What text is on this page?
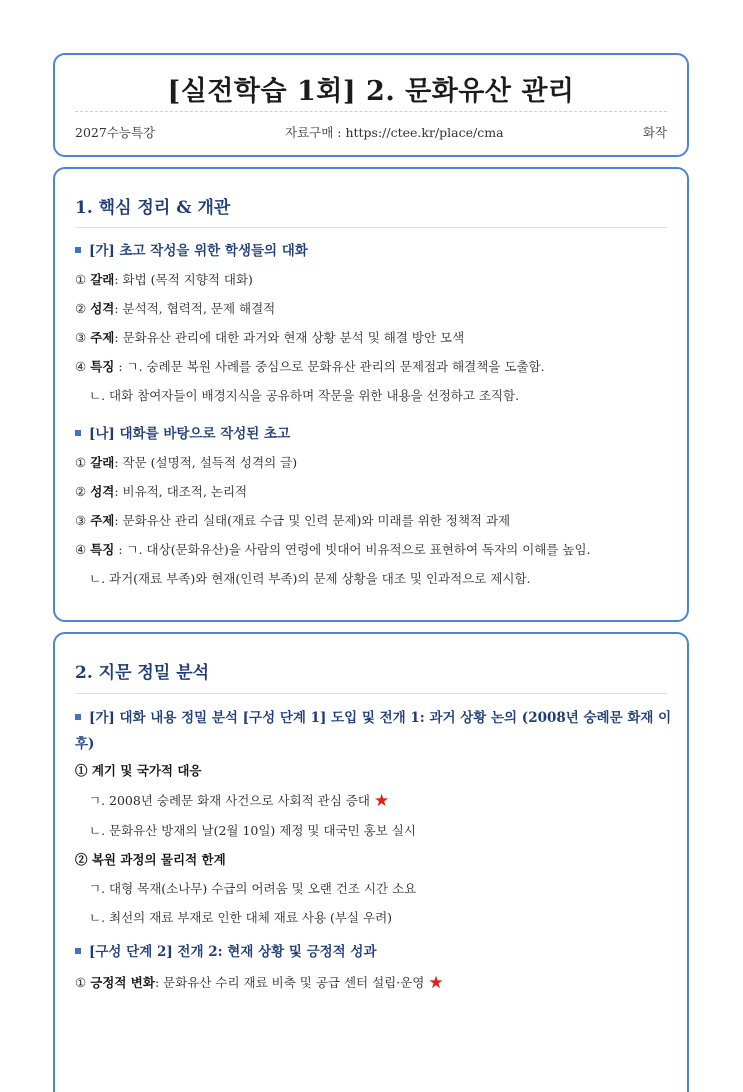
[실전학습 1회] 2. 문화유산 관리
2027수능특강	자료구매 : https://ctee.kr/place/cma	화작
1. 핵심 정리 & 개관
[가] 초고 작성을 위한 학생들의 대화
① 갈래: 화법 (목적 지향적 대화)
② 성격: 분석적, 협력적, 문제 해결적
③ 주제: 문화유산 관리에 대한 과거와 현재 상황 분석 및 해결 방안 모색
④ 특징 : ㄱ. 숭례문 복원 사례를 중심으로 문화유산 관리의 문제점과 해결책을 도출함.
ㄴ. 대화 참여자들이 배경지식을 공유하며 작문을 위한 내용을 선정하고 조직함.
[나] 대화를 바탕으로 작성된 초고
① 갈래: 작문 (설명적, 설득적 성격의 글)
② 성격: 비유적, 대조적, 논리적
③ 주제: 문화유산 관리 실태(재료 수급 및 인력 문제)와 미래를 위한 정책적 과제
④ 특징 : ㄱ. 대상(문화유산)을 사람의 연령에 빗대어 비유적으로 표현하여 독자의 이해를 높임.
ㄴ. 과거(재료 부족)와 현재(인력 부족)의 문제 상황을 대조 및 인과적으로 제시함.
2. 지문 정밀 분석
[가] 대화 내용 정밀 분석 [구성 단계 1] 도입 및 전개 1: 과거 상황 논의 (2008년 숭례문 화재 이후)
① 계기 및 국가적 대응
ㄱ. 2008년 숭례문 화재 사건으로 사회적 관심 증대 ★
ㄴ. 문화유산 방재의 날(2월 10일) 제정 및 대국민 홍보 실시
② 복원 과정의 물리적 한계
ㄱ. 대형 목재(소나무) 수급의 어려움 및 오랜 건조 시간 소요
ㄴ. 최선의 재료 부재로 인한 대체 재료 사용 (부실 우려)
[구성 단계 2] 전개 2: 현재 상황 및 긍정적 성과
① 긍정적 변화: 문화유산 수리 재료 비축 및 공급 센터 설립·운영 ★
